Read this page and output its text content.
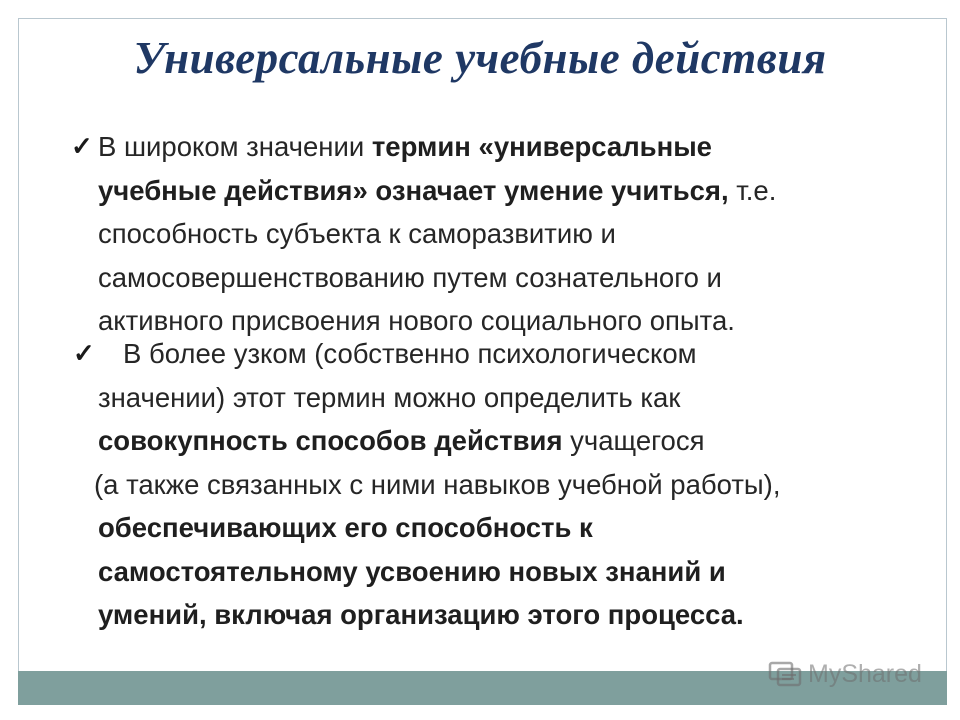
Универсальные учебные действия
✓ В широком значении термин «универсальные
учебные действия» означает умение учиться, т.е.
способность субъекта к саморазвитию и
самосовершенствованию путем сознательного и
активного присвоения нового социального опыта.
✓	В более узком (собственно психологическом
значении) этот термин можно определить как
совокупность способов действия учащегося
(а также связанных с ними навыков учебной работы),
обеспечивающих его способность к
самостоятельному усвоению новых знаний и
умений, включая организацию этого процесса.
MyShared
